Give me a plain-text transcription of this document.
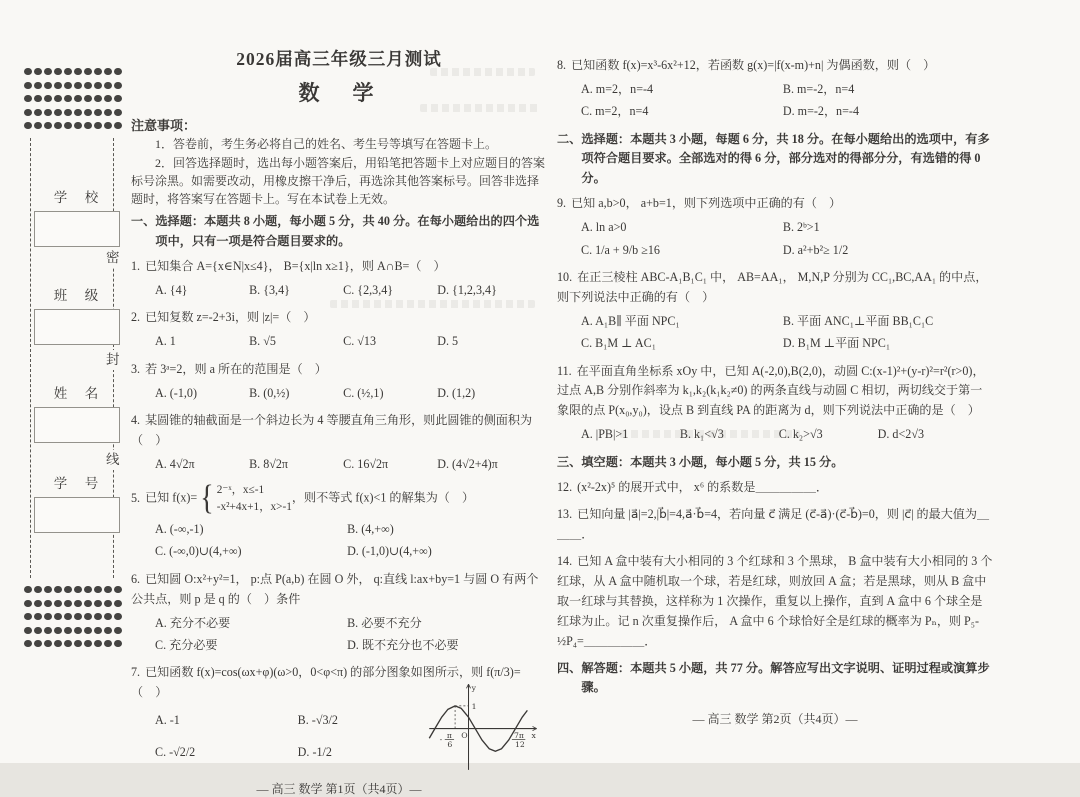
密
封
线
学　校
班　级
姓　名
学　号
2026届高三年级三月测试
数　学
注意事项：

1．答卷前，考生务必将自己的姓名、考生号等填写在答题卡上。

2．回答选择题时，选出每小题答案后，用铅笔把答题卡上对应题目的答案标号涂黑。如需要改动，用橡皮擦干净后，再选涂其他答案标号。回答非选择题时，将答案写在答题卡上。写在本试卷上无效。

一、选择题：本题共 8 小题，每小题 5 分，共 40 分。在每小题给出的四个选项中，只有一项是符合题目要求的。

1. 已知集合 A={x∈N|x≤4}， B={x|ln x≥1}，则 A∩B=（　）

A. {4}	B. {3,4}	C. {2,3,4}	D. {1,2,3,4}

2. 已知复数 z=-2+3i，则 |z|=（　）

A. 1	B. √5	C. √13	D. 5

3. 若 3ᵃ=2，则 a 所在的范围是（　）

A. (-1,0)	B. (0,½)	C. (½,1)	D. (1,2)

4. 某圆锥的轴截面是一个斜边长为 4 等腰直角三角形，则此圆锥的侧面积为（　）

A. 4√2π	B. 8√2π	C. 16√2π	D. (4√2+4)π

5. 已知 f(x)= { 2⁻ˣ，x≤-1
-x²+4x+1，x>-1
，则不等式 f(x)<1 的解集为（　）

A. (-∞,-1)	B. (4,+∞)
C. (-∞,0)∪(4,+∞)	D. (-1,0)∪(4,+∞)

6. 已知圆 O:x²+y²=1， p:点 P(a,b) 在圆 O 外， q:直线 l:ax+by=1 与圆 O 有两个公共点，则 p 是 q 的（　）条件

A. 充分不必要	B. 必要不充分
C. 充分必要	D. 既不充分也不必要

7. 已知函数 f(x)=cos(ωx+φ)(ω>0，0<φ<π) 的部分图象如图所示，则 f(π/3)=（　）

A. -1	B. -√3/2
C. -√2/2	D. -1/2
y
x
O
1
- π
6
7π
12
— 高三 数学 第1页（共4页）—

8. 已知函数 f(x)=x³-6x²+12，若函数 g(x)=|f(x-m)+n| 为偶函数，则（　）

A. m=2，n=-4	B. m=-2，n=4
C. m=2，n=4	D. m=-2，n=-4

二、选择题：本题共 3 小题，每题 6 分，共 18 分。在每小题给出的选项中，有多项符合题目要求。全部选对的得 6 分，部分选对的得部分分，有选错的得 0 分。

9. 已知 a,b>0， a+b=1，则下列选项中正确的有（　）

A. ln a>0	B. 2ᵇ>1
C. 1/a + 9/b ≥16	D. a²+b²≥ 1/2

10. 在正三棱柱 ABC-A₁B₁C₁ 中， AB=AA₁， M,N,P 分别为 CC₁,BC,AA₁ 的中点，则下列说法中正确的有（　）

A. A₁B∥ 平面 NPC₁	B. 平面 ANC₁⊥平面 BB₁C₁C
C. B₁M ⊥ AC₁	D. B₁M ⊥平面 NPC₁

11. 在平面直角坐标系 xOy 中，已知 A(-2,0),B(2,0)，动圆 C:(x-1)²+(y-r)²=r²(r>0)，过点 A,B 分别作斜率为 k₁,k₂(k₁k₂≠0) 的两条直线与动圆 C 相切，两切线交于第一象限的点 P(x₀,y₀)，设点 B 到直线 PA 的距离为 d，则下列说法中正确的是（　）

A. |PB|>1	B. k₁<√3	C. k₂>√3	D. d<2√3

三、填空题：本题共 3 小题，每小题 5 分，共 15 分。

12. (x²-2x)⁵ 的展开式中， x⁶ 的系数是＿＿＿＿＿．

13. 已知向量 |a⃗|=2,|b⃗|=4,a⃗·b⃗=4，若向量 c⃗ 满足 (c⃗-a⃗)·(c⃗-b⃗)=0，则 |c⃗| 的最大值为＿＿＿．

14. 已知 A 盒中装有大小相同的 3 个红球和 3 个黑球， B 盒中装有大小相同的 3 个红球，从 A 盒中随机取一个球，若是红球，则放回 A 盒；若是黑球，则从 B 盒中取一红球与其替换，这样称为 1 次操作，重复以上操作，直到 A 盒中 6 个球全是红球为止。记 n 次重复操作后， A 盒中 6 个球恰好全是红球的概率为 Pₙ，则 P₅-½P₄=＿＿＿＿＿．

四、解答题：本题共 5 小题，共 77 分。解答应写出文字说明、证明过程或演算步骤。

— 高三 数学 第2页（共4页）—
